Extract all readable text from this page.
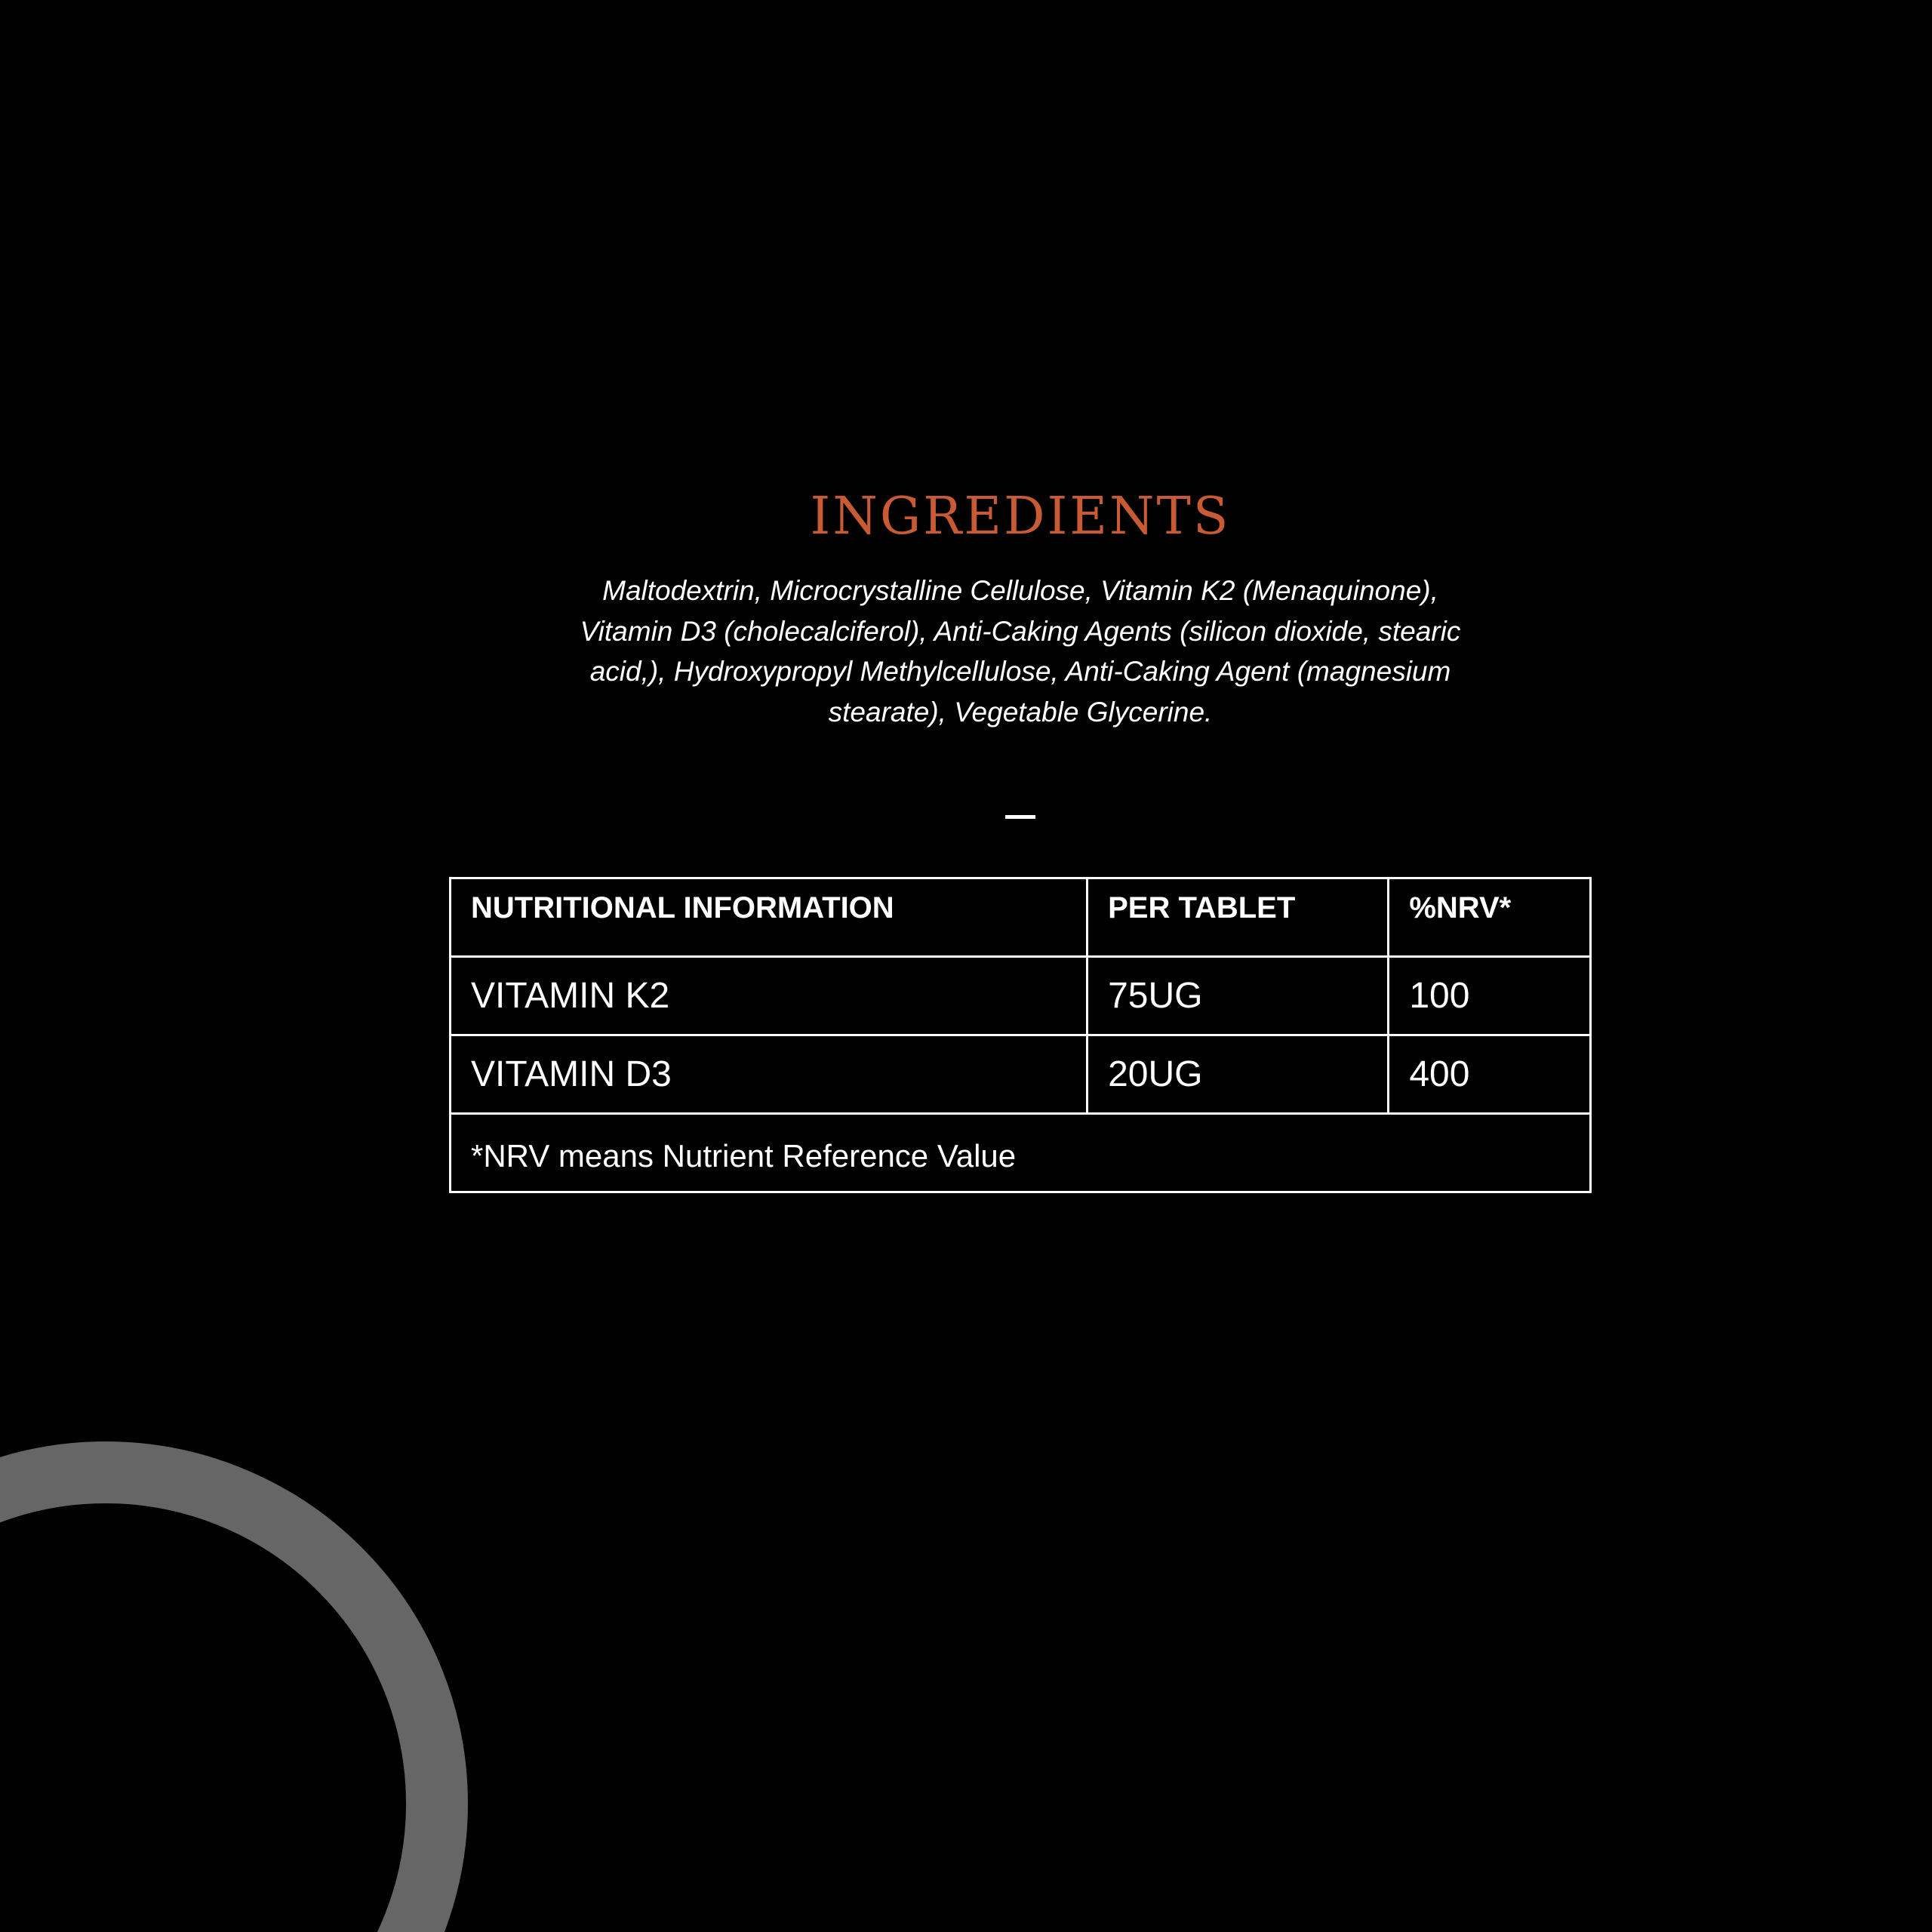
INGREDIENTS

Maltodextrin, Microcrystalline Cellulose, Vitamin K2 (Menaquinone), Vitamin D3 (cholecalciferol), Anti-Caking Agents (silicon dioxide, stearic acid,), Hydroxypropyl Methylcellulose, Anti-Caking Agent (magnesium stearate), Vegetable Glycerine.

NUTRITIONAL INFORMATION	PER TABLET	%NRV*
VITAMIN K2	75UG	100
VITAMIN D3	20UG	400
*NRV means Nutrient Reference Value		
